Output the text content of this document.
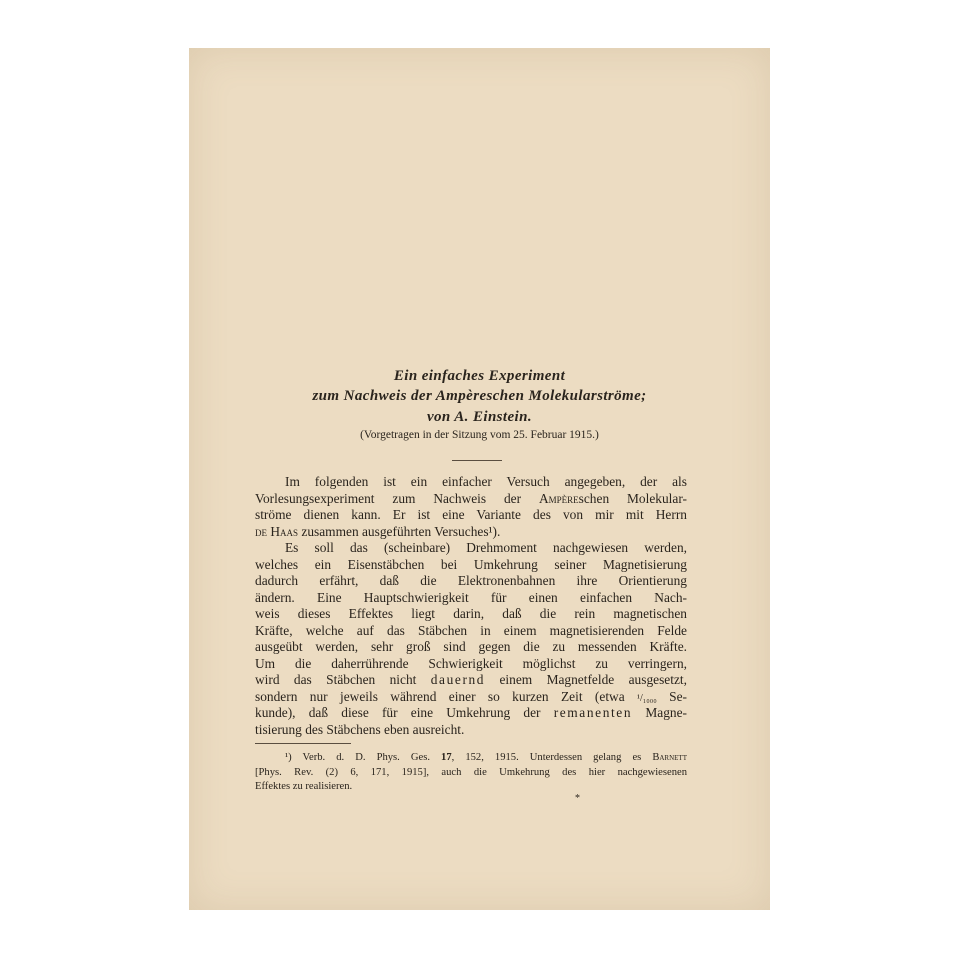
Ein einfaches Experiment
zum Nachweis der Ampèreschen Molekularströme;
von A. Einstein.
(Vorgetragen in der Sitzung vom 25. Februar 1915.)
Im folgenden ist ein einfacher Versuch angegeben, der als
Vorlesungsexperiment zum Nachweis der Ampèreschen Molekular-
ströme dienen kann. Er ist eine Variante des von mir mit Herrn
de Haas zusammen ausgeführten Versuches¹).
Es soll das (scheinbare) Drehmoment nachgewiesen werden,
welches ein Eisenstäbchen bei Umkehrung seiner Magnetisierung
dadurch erfährt, daß die Elektronenbahnen ihre Orientierung
ändern. Eine Hauptschwierigkeit für einen einfachen Nach-
weis dieses Effektes liegt darin, daß die rein magnetischen
Kräfte, welche auf das Stäbchen in einem magnetisierenden Felde
ausgeübt werden, sehr groß sind gegen die zu messenden Kräfte.
Um die daherrührende Schwierigkeit möglichst zu verringern,
wird das Stäbchen nicht dauernd einem Magnetfelde ausgesetzt,
sondern nur jeweils während einer so kurzen Zeit (etwa ¹/₁₀₀₀ Se-
kunde), daß diese für eine Umkehrung der remanenten Magne-
tisierung des Stäbchens eben ausreicht.
¹) Verb. d. D. Phys. Ges. 17, 152, 1915. Unterdessen gelang es Barnett
[Phys. Rev. (2) 6, 171, 1915], auch die Umkehrung des hier nachgewiesenen
Effektes zu realisieren.
*
